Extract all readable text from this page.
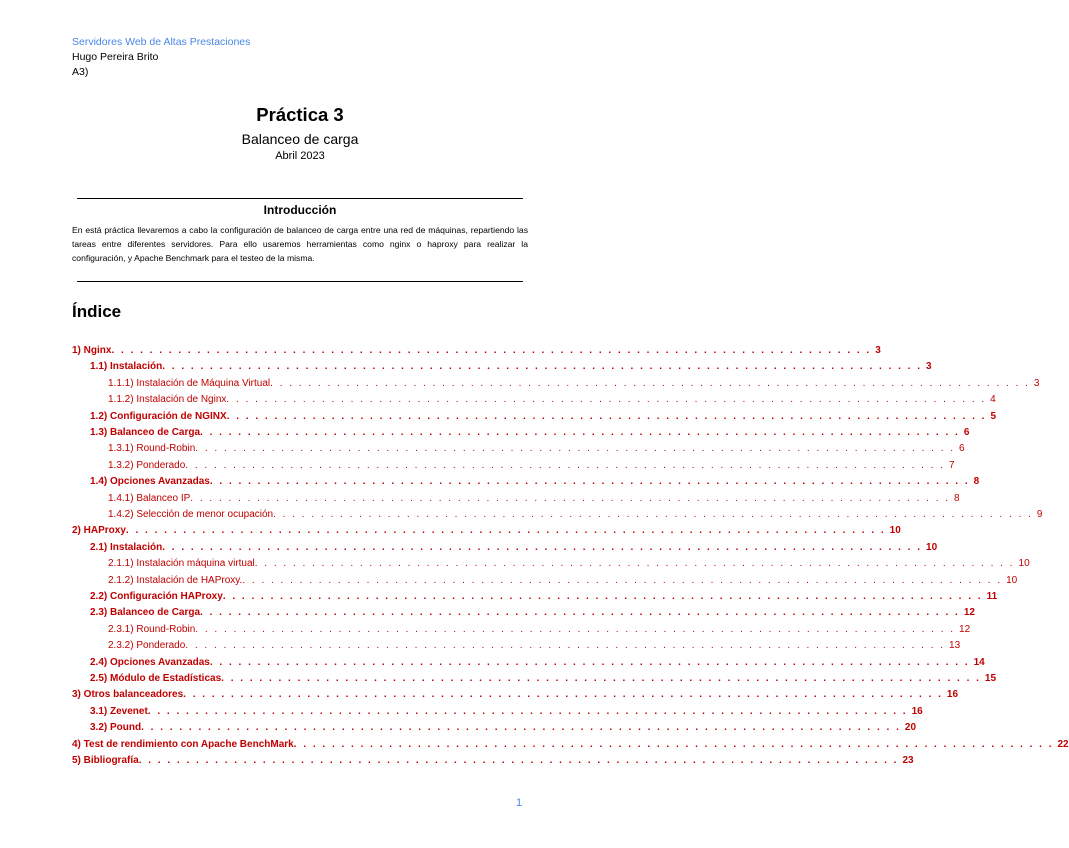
Servidores Web de Altas Prestaciones
Hugo Pereira Brito
A3)
Práctica 3
Balanceo de carga
Abril 2023
Introducción
En está práctica llevaremos a cabo la configuración de balanceo de carga entre una red de máquinas, repartiendo las tareas entre diferentes servidores. Para ello usaremos herramientas como nginx o haproxy para realizar la configuración, y Apache Benchmark para el testeo de la misma.
Índice
1) Nginx . . . . . . . . . . . . . . . . . . . . . . . . . . . . . . . . . . . . . . . . . . . . . . . . . . . . . . . . . . . . . . . . . . . . . . . . . . . . . . . . 3
1.1) Instalación . . . . . . . . . . . . . . . . . . . . . . . . . . . . . . . . . . . . . . . . . . . . . . . . . . . . . . . . . . . . . . . . . . . . . . . . . . . . . . . . 3
1.1.1) Instalación de Máquina Virtual . . . . . . . . . . . . . . . . . . . . . . . . . . . . . . . . . . . . . . . . . . . . . . . . . . . . . . . . . . . . . . . . . . . . . . . . . . . . . . . . 3
1.1.2) Instalación de Nginx . . . . . . . . . . . . . . . . . . . . . . . . . . . . . . . . . . . . . . . . . . . . . . . . . . . . . . . . . . . . . . . . . . . . . . . . . . . . . . . . 4
1.2) Configuración de NGINX . . . . . . . . . . . . . . . . . . . . . . . . . . . . . . . . . . . . . . . . . . . . . . . . . . . . . . . . . . . . . . . . . . . . . . . . . . . . . . . . 5
1.3) Balanceo de Carga . . . . . . . . . . . . . . . . . . . . . . . . . . . . . . . . . . . . . . . . . . . . . . . . . . . . . . . . . . . . . . . . . . . . . . . . . . . . . . . . 6
1.3.1) Round-Robin . . . . . . . . . . . . . . . . . . . . . . . . . . . . . . . . . . . . . . . . . . . . . . . . . . . . . . . . . . . . . . . . . . . . . . . . . . . . . . . . 6
1.3.2) Ponderado . . . . . . . . . . . . . . . . . . . . . . . . . . . . . . . . . . . . . . . . . . . . . . . . . . . . . . . . . . . . . . . . . . . . . . . . . . . . . . . . 7
1.4) Opciones Avanzadas . . . . . . . . . . . . . . . . . . . . . . . . . . . . . . . . . . . . . . . . . . . . . . . . . . . . . . . . . . . . . . . . . . . . . . . . . . . . . . . . 8
1.4.1) Balanceo IP . . . . . . . . . . . . . . . . . . . . . . . . . . . . . . . . . . . . . . . . . . . . . . . . . . . . . . . . . . . . . . . . . . . . . . . . . . . . . . . . 8
1.4.2) Selección de menor ocupación . . . . . . . . . . . . . . . . . . . . . . . . . . . . . . . . . . . . . . . . . . . . . . . . . . . . . . . . . . . . . . . . . . . . . . . . . . . . . . . . 9
2) HAProxy . . . . . . . . . . . . . . . . . . . . . . . . . . . . . . . . . . . . . . . . . . . . . . . . . . . . . . . . . . . . . . . . . . . . . . . . . . . . . . . . 10
2.1) Instalación . . . . . . . . . . . . . . . . . . . . . . . . . . . . . . . . . . . . . . . . . . . . . . . . . . . . . . . . . . . . . . . . . . . . . . . . . . . . . . . . 10
2.1.1) Instalación máquina virtual . . . . . . . . . . . . . . . . . . . . . . . . . . . . . . . . . . . . . . . . . . . . . . . . . . . . . . . . . . . . . . . . . . . . . . . . . . . . . . . . 10
2.1.2) Instalación de HAProxy. . . . . . . . . . . . . . . . . . . . . . . . . . . . . . . . . . . . . . . . . . . . . . . . . . . . . . . . . . . . . . . . . . . . . . . . . . . . . . . . . 10
2.2) Configuración HAProxy . . . . . . . . . . . . . . . . . . . . . . . . . . . . . . . . . . . . . . . . . . . . . . . . . . . . . . . . . . . . . . . . . . . . . . . . . . . . . . . . 11
2.3) Balanceo de Carga . . . . . . . . . . . . . . . . . . . . . . . . . . . . . . . . . . . . . . . . . . . . . . . . . . . . . . . . . . . . . . . . . . . . . . . . . . . . . . . . 12
2.3.1) Round-Robin . . . . . . . . . . . . . . . . . . . . . . . . . . . . . . . . . . . . . . . . . . . . . . . . . . . . . . . . . . . . . . . . . . . . . . . . . . . . . . . . 12
2.3.2) Ponderado . . . . . . . . . . . . . . . . . . . . . . . . . . . . . . . . . . . . . . . . . . . . . . . . . . . . . . . . . . . . . . . . . . . . . . . . . . . . . . . . 13
2.4) Opciones Avanzadas . . . . . . . . . . . . . . . . . . . . . . . . . . . . . . . . . . . . . . . . . . . . . . . . . . . . . . . . . . . . . . . . . . . . . . . . . . . . . . . . 14
2.5) Módulo de Estadísticas . . . . . . . . . . . . . . . . . . . . . . . . . . . . . . . . . . . . . . . . . . . . . . . . . . . . . . . . . . . . . . . . . . . . . . . . . . . . . . . . 15
3) Otros balanceadores . . . . . . . . . . . . . . . . . . . . . . . . . . . . . . . . . . . . . . . . . . . . . . . . . . . . . . . . . . . . . . . . . . . . . . . . . . . . . . . . 16
3.1) Zevenet . . . . . . . . . . . . . . . . . . . . . . . . . . . . . . . . . . . . . . . . . . . . . . . . . . . . . . . . . . . . . . . . . . . . . . . . . . . . . . . . 16
3.2) Pound . . . . . . . . . . . . . . . . . . . . . . . . . . . . . . . . . . . . . . . . . . . . . . . . . . . . . . . . . . . . . . . . . . . . . . . . . . . . . . . . 20
4) Test de rendimiento con Apache BenchMark . . . . . . . . . . . . . . . . . . . . . . . . . . . . . . . . . . . . . . . . . . . . . . . . . . . . . . . . . . . . . . . . . . . . . . . . . . . . . . . . 22
5) Bibliografía . . . . . . . . . . . . . . . . . . . . . . . . . . . . . . . . . . . . . . . . . . . . . . . . . . . . . . . . . . . . . . . . . . . . . . . . . . . . . . . . 23
1
